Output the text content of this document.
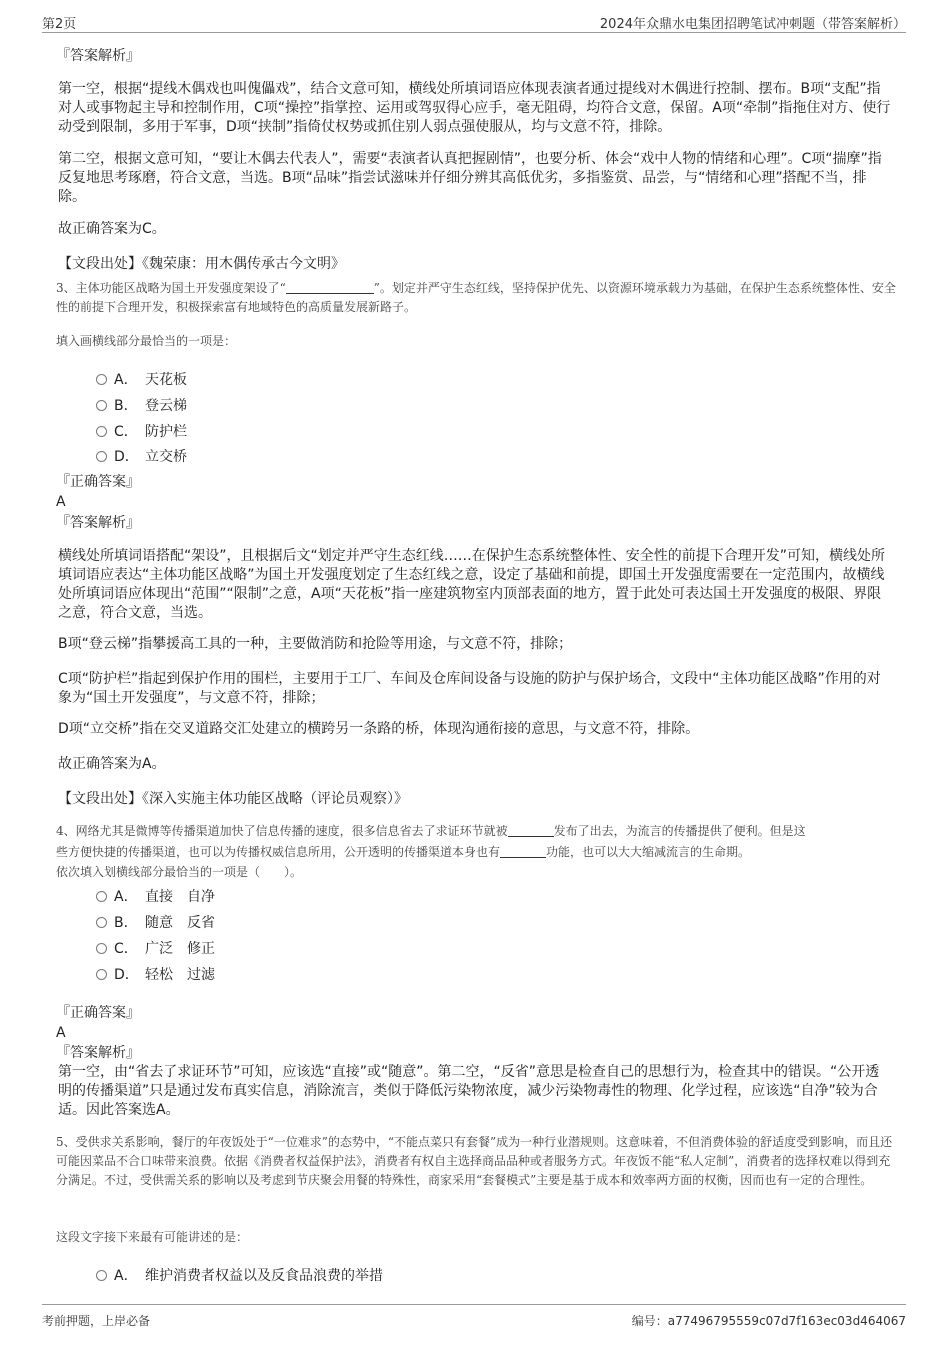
第2页	2024年众鼎水电集团招聘笔试冲刺题（带答案解析）
『答案解析』
第一空，根据“提线木偶戏也叫傀儡戏”，结合文意可知，横线处所填词语应体现表演者通过提线对木偶进行控制、摆布。B项“支配”指对人或事物起主导和控制作用，C项“操控”指掌控、运用或驾驭得心应手，毫无阻碍，均符合文意，保留。A项“牵制”指拖住对方、使行动受到限制，多用于军事，D项“挟制”指倚仗权势或抓住别人弱点强使服从，均与文意不符，排除。
第二空，根据文意可知，“要让木偶去代表人”，需要“表演者认真把握剧情”，也要分析、体会“戏中人物的情绪和心理”。C项“揣摩”指反复地思考琢磨，符合文意，当选。B项“品味”指尝试滋味并仔细分辨其高低优劣，多指鉴赏、品尝，与“情绪和心理”搭配不当，排除。
故正确答案为C。
【文段出处】《魏荣康：用木偶传承古今文明》
3、主体功能区战略为国土开发强度架设了“	”。划定并严守生态红线，坚持保护优先、以资源环境承载力为基础，在保护生态系统整体性、安全性的前提下合理开发，积极探索富有地域特色的高质量发展新路子。
填入画横线部分最恰当的一项是：
A． 天花板
B． 登云梯
C． 防护栏
D． 立交桥
『正确答案』
A
『答案解析』
横线处所填词语搭配“架设”，且根据后文“划定并严守生态红线……在保护生态系统整体性、安全性的前提下合理开发”可知，横线处所填词语应表达“主体功能区战略”为国土开发强度划定了生态红线之意，设定了基础和前提，即国土开发强度需要在一定范围内，故横线处所填词语应体现出“范围”“限制”之意，A项“天花板”指一座建筑物室内顶部表面的地方，置于此处可表达国土开发强度的极限、界限之意，符合文意，当选。
B项“登云梯”指攀援高工具的一种，主要做消防和抢险等用途，与文意不符，排除；
C项“防护栏”指起到保护作用的围栏，主要用于工厂、车间及仓库间设备与设施的防护与保护场合，文段中“主体功能区战略”作用的对象为“国土开发强度”，与文意不符，排除；
D项“立交桥”指在交叉道路交汇处建立的横跨另一条路的桥，体现沟通衔接的意思，与文意不符，排除。
故正确答案为A。
【文段出处】《深入实施主体功能区战略（评论员观察）》
4、网络尤其是微博等传播渠道加快了信息传播的速度，很多信息省去了求证环节就被	发布了出去，为流言的传播提供了便利。但是这
些方便快捷的传播渠道，也可以为传播权威信息所用，公开透明的传播渠道本身也有	功能，也可以大大缩减流言的生命期。
依次填入划横线部分最恰当的一项是（　　）。
A． 直接　自净
B． 随意　反省
C． 广泛　修正
D． 轻松　过滤
『正确答案』
A
『答案解析』
第一空，由“省去了求证环节”可知，应该选“直接”或“随意”。第二空，“反省”意思是检查自己的思想行为，检查其中的错误。“公开透明的传播渠道”只是通过发布真实信息，消除流言，类似于降低污染物浓度，减少污染物毒性的物理、化学过程，应该选“自净”较为合适。因此答案选A。
5、受供求关系影响，餐厅的年夜饭处于“一位难求”的态势中，“不能点菜只有套餐”成为一种行业潜规则。这意味着，不但消费体验的舒适度受到影响，而且还可能因菜品不合口味带来浪费。依据《消费者权益保护法》，消费者有权自主选择商品品种或者服务方式。年夜饭不能“私人定制”，消费者的选择权难以得到充分满足。不过，受供需关系的影响以及考虑到节庆聚会用餐的特殊性，商家采用“套餐模式”主要是基于成本和效率两方面的权衡，因而也有一定的合理性。
这段文字接下来最有可能讲述的是：
A． 维护消费者权益以及反食品浪费的举措
考前押题，上岸必备	编号：a77496795559c07d7f163ec03d464067
